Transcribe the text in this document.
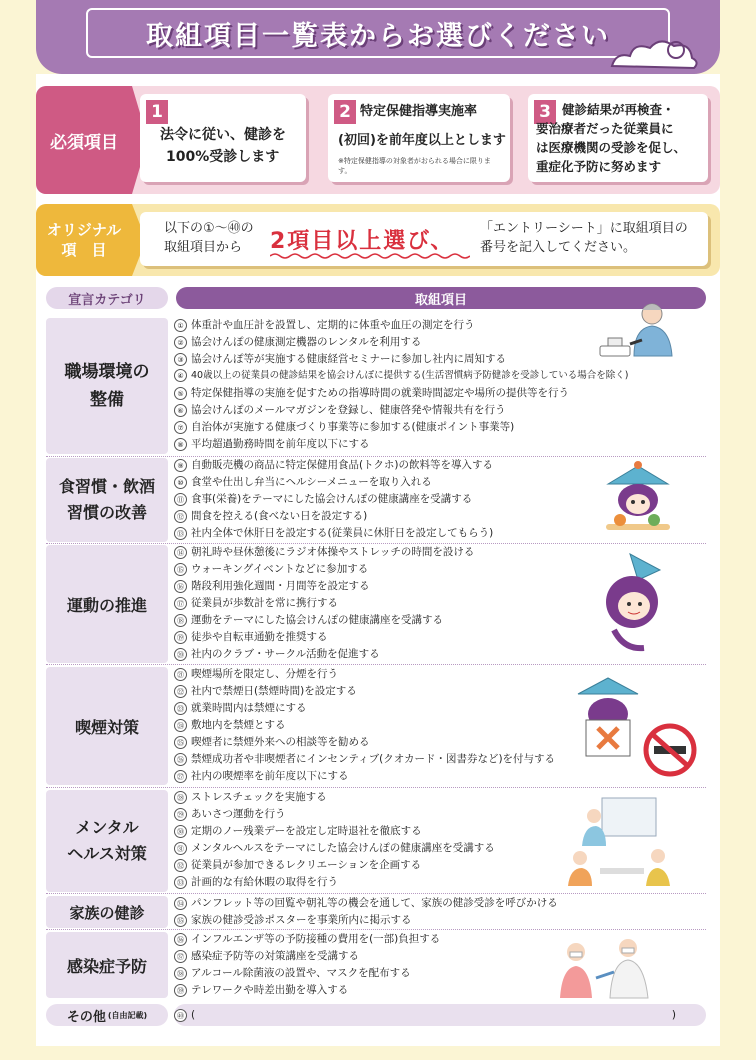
取組項目一覧表からお選びください
必須項目
1
法令に従い、健診を
100%受診します
2 特定保健指導実施率
(初回)を前年度以上とします
※特定保健指導の対象者がおられる場合に限ります。
3 健診結果が再検査・
要治療者だった従業員に
は医療機関の受診を促し、
重症化予防に努めます
オリジナル
項　目
以下の①〜㊵の
取組項目から	2項目以上選び、
「エントリーシート」に取組項目の
番号を記入してください。
宣言カテゴリ	取組項目
職場環境の
整備
① 体重計や血圧計を設置し、定期的に体重や血圧の測定を行う
② 協会けんぽの健康測定機器のレンタルを利用する
③ 協会けんぽ等が実施する健康経営セミナーに参加し社内に周知する
④ 40歳以上の従業員の健診結果を協会けんぽに提供する(生活習慣病予防健診を受診している場合を除く)
⑤ 特定保健指導の実施を促すための指導時間の就業時間認定や場所の提供等を行う
⑥ 協会けんぽのメールマガジンを登録し、健康啓発や情報共有を行う
⑦ 自治体が実施する健康づくり事業等に参加する(健康ポイント事業等)
⑧ 平均超過勤務時間を前年度以下にする
食習慣・飲酒
習慣の改善
⑨ 自動販売機の商品に特定保健用食品(トクホ)の飲料等を導入する
⑩ 食堂や仕出し弁当にヘルシーメニューを取り入れる
⑪ 食事(栄養)をテーマにした協会けんぽの健康講座を受講する
⑫ 間食を控える(食べない日を設定する)
⑬ 社内全体で休肝日を設定する(従業員に休肝日を設定してもらう)
運動の推進
⑭ 朝礼時や昼休憩後にラジオ体操やストレッチの時間を設ける
⑮ ウォーキングイベントなどに参加する
⑯ 階段利用強化週間・月間等を設定する
⑰ 従業員が歩数計を常に携行する
⑱ 運動をテーマにした協会けんぽの健康講座を受講する
⑲ 徒歩や自転車通勤を推奨する
⑳ 社内のクラブ・サークル活動を促進する
喫煙対策
㉑ 喫煙場所を限定し、分煙を行う
㉒ 社内で禁煙日(禁煙時間)を設定する
㉓ 就業時間内は禁煙にする
㉔ 敷地内を禁煙とする
㉕ 喫煙者に禁煙外来への相談等を勧める
㉖ 禁煙成功者や非喫煙者にインセンティブ(クオカード・図書券など)を付与する
㉗ 社内の喫煙率を前年度以下にする
メンタル
ヘルス対策
㉘ ストレスチェックを実施する
㉙ あいさつ運動を行う
㉚ 定期のノー残業デーを設定し定時退社を徹底する
㉛ メンタルヘルスをテーマにした協会けんぽの健康講座を受講する
㉜ 従業員が参加できるレクリエーションを企画する
㉝ 計画的な有給休暇の取得を行う
家族の健診	㉞ パンフレット等の回覧や朝礼等の機会を通して、家族の健診受診を呼びかける
㉟ 家族の健診受診ポスターを事業所内に掲示する
感染症予防
㊱ インフルエンザ等の予防接種の費用を(一部)負担する
㊲ 感染症予防等の対策講座を受講する
㊳ アルコール除菌液の設置や、マスクを配布する
㊴ テレワークや時差出勤を導入する
その他 (自由記載)	㊵ (	)
